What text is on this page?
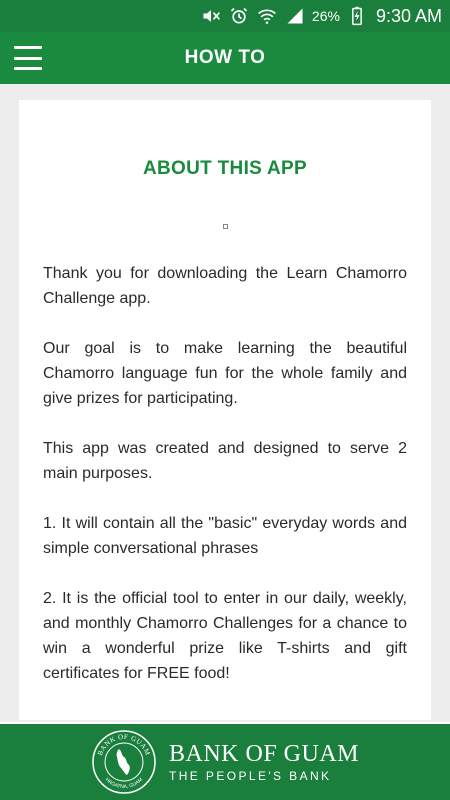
26% 9:30 AM
HOW TO
ABOUT THIS APP

Thank you for downloading the Learn Chamorro Challenge app.

Our goal is to make learning the beautiful Chamorro language fun for the whole family and give prizes for participating.

This app was created and designed to serve 2 main purposes.

1. It will contain all the "basic" everyday words and simple conversational phrases

2. It is the official tool to enter in our daily, weekly, and monthly Chamorro Challenges for a chance to win a wonderful prize like T-shirts and gift certificates for FREE food!

BANK OF GUAM
HAGATNA, GUAM
BANK OF GUAM
THE PEOPLE'S BANK
